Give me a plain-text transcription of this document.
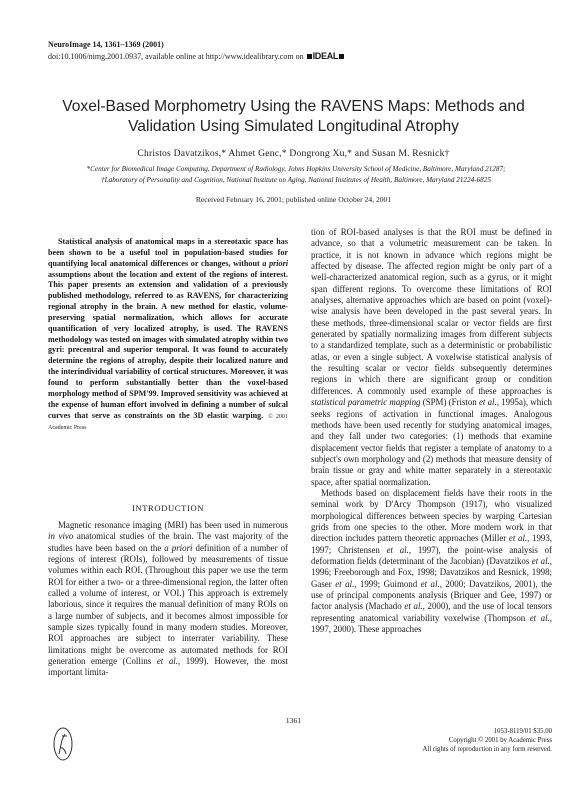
NeuroImage 14, 1361–1369 (2001)
doi:10.1006/nimg.2001.0937, available online at http://www.idealibrary.com on IDEAL
Voxel-Based Morphometry Using the RAVENS Maps: Methods and Validation Using Simulated Longitudinal Atrophy
Christos Davatzikos,* Ahmet Genc,* Dongrong Xu,* and Susan M. Resnick†
*Center for Biomedical Image Computing, Department of Radiology, Johns Hopkins University School of Medicine, Baltimore, Maryland 21287;
†Laboratory of Personality and Cognition, National Institute on Aging, National Institutes of Health, Baltimore, Maryland 21224-6825
Received February 16, 2001; published online October 24, 2001
Statistical analysis of anatomical maps in a stereotaxic space has been shown to be a useful tool in population-based studies for quantifying local anatomical differences or changes, without a priori assumptions about the location and extent of the regions of interest. This paper presents an extension and validation of a previously published methodology, referred to as RAVENS, for characterizing regional atrophy in the brain. A new method for elastic, volume-preserving spatial normalization, which allows for accurate quantification of very localized atrophy, is used. The RAVENS methodology was tested on images with simulated atrophy within two gyri: precentral and superior temporal. It was found to accurately determine the regions of atrophy, despite their localized nature and the interindividual variability of cortical structures. Moreover, it was found to perform substantially better than the voxel-based morphology method of SPM'99. Improved sensitivity was achieved at the expense of human effort involved in defining a number of sulcal curves that serve as constraints on the 3D elastic warping. © 2001 Academic Press
INTRODUCTION
Magnetic resonance imaging (MRI) has been used in numerous in vivo anatomical studies of the brain. The vast majority of the studies have been based on the a priori definition of a number of regions of interest (ROIs), followed by measurements of tissue volumes within each ROI. (Throughout this paper we use the term ROI for either a two- or a three-dimensional region, the latter often called a volume of interest, or VOI.) This approach is extremely laborious, since it requires the manual definition of many ROIs on a large number of subjects, and it becomes almost impossible for sample sizes typically found in many modern studies. Moreover, ROI approaches are subject to interrater variability. These limitations might be overcome as automated methods for ROI generation emerge (Collins et al., 1999). However, the most important limita-

tion of ROI-based analyses is that the ROI must be defined in advance, so that a volumetric measurement can be taken. In practice, it is not known in advance which regions might be affected by disease. The affected region might be only part of a well-characterized anatomical region, such as a gyrus, or it might span different regions. To overcome these limitations of ROI analyses, alternative approaches which are based on point (voxel)-wise analysis have been developed in the past several years. In these methods, three-dimensional scalar or vector fields are first generated by spatially normalizing images from different subjects to a standardized template, such as a deterministic or probabilistic atlas, or even a single subject. A voxelwise statistical analysis of the resulting scalar or vector fields subsequently determines regions in which there are significant group or condition differences. A commonly used example of these approaches is statistical parametric mapping (SPM) (Friston et al., 1995a), which seeks regions of activation in functional images. Analogous methods have been used recently for studying anatomical images, and they fall under two categories: (1) methods that examine displacement vector fields that register a template of anatomy to a subject's own morphology and (2) methods that measure density of brain tissue or gray and white matter separately in a stereotaxic space, after spatial normalization.

Methods based on displacement fields have their roots in the seminal work by D'Arcy Thompson (1917), who visualized morphological differences between species by warping Cartesian grids from one species to the other. More modern work in that direction includes pattern theoretic approaches (Miller et al., 1993, 1997; Christensen et al., 1997), the point-wise analysis of deformation fields (determinant of the Jacobian) (Davatzikos et al., 1996; Freeborough and Fox, 1998; Davatzikos and Resnick, 1998; Gaser et al., 1999; Guimond et al., 2000; Davatzikos, 2001), the use of principal components analysis (Briquer and Gee, 1997) or factor analysis (Machado et al., 2000), and the use of local tensors representing anatomical variability voxelwise (Thompson et al., 1997, 2000). These approaches

1361
1053-8119/01 $35.00
Copyright © 2001 by Academic Press
All rights of reproduction in any form reserved.
